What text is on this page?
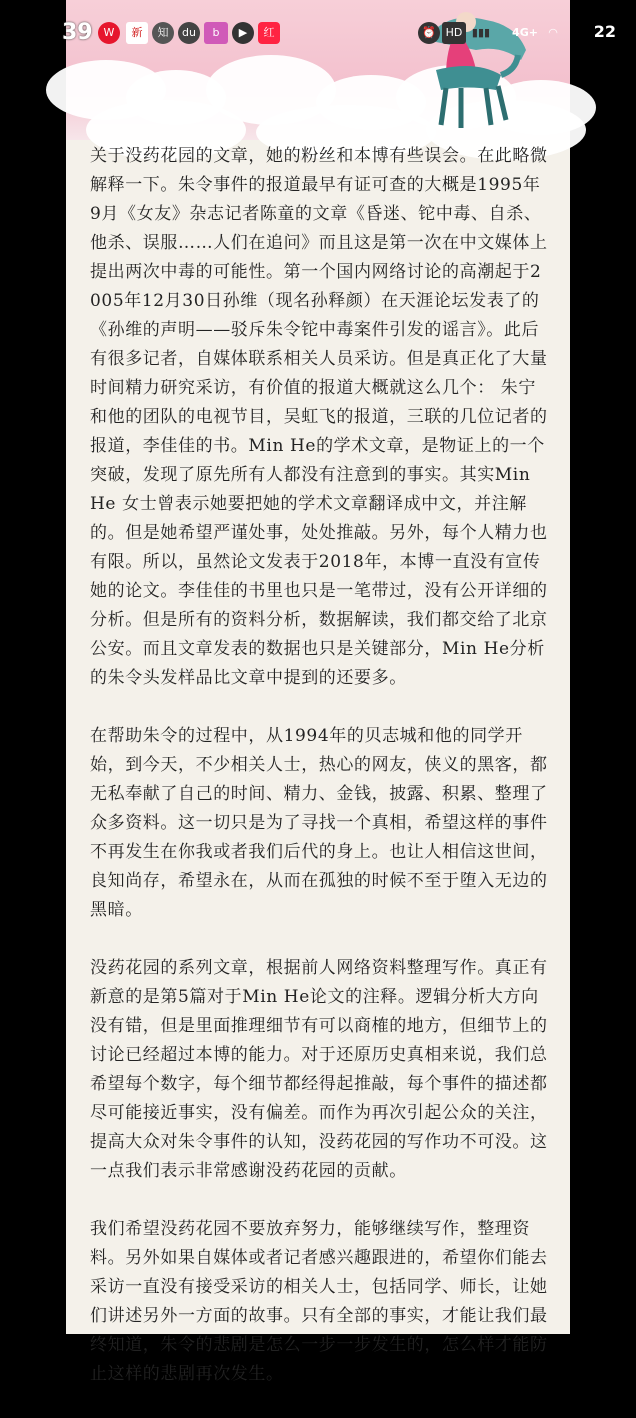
关于没药花园的文章，她的粉丝和本博有些误会。在此略微解释一下。朱令事件的报道最早有证可查的大概是1995年9月《女友》杂志记者陈童的文章《昏迷、铊中毒、自杀、他杀、误服……人们在追问》而且这是第一次在中文媒体上提出两次中毒的可能性。第一个国内网络讨论的高潮起于2005年12月30日孙维（现名孙释颜）在天涯论坛发表了的《孙维的声明——驳斥朱令铊中毒案件引发的谣言》。此后有很多记者，自媒体联系相关人员采访。但是真正化了大量时间精力研究采访，有价值的报道大概就这么几个： 朱宁和他的团队的电视节目，吴虹飞的报道，三联的几位记者的报道，李佳佳的书。Min He的学术文章，是物证上的一个突破，发现了原先所有人都没有注意到的事实。其实Min He 女士曾表示她要把她的学术文章翻译成中文，并注解的。但是她希望严谨处事，处处推敲。另外，每个人精力也有限。所以，虽然论文发表于2018年，本博一直没有宣传她的论文。李佳佳的书里也只是一笔带过，没有公开详细的分析。但是所有的资料分析，数据解读，我们都交给了北京公安。而且文章发表的数据也只是关键部分，Min He分析的朱令头发样品比文章中提到的还要多。

在帮助朱令的过程中，从1994年的贝志城和他的同学开始，到今天，不少相关人士，热心的网友，侠义的黑客，都无私奉献了自己的时间、精力、金钱，披露、积累、整理了众多资料。这一切只是为了寻找一个真相，希望这样的事件不再发生在你我或者我们后代的身上。也让人相信这世间，良知尚存，希望永在，从而在孤独的时候不至于堕入无边的黑暗。

没药花园的系列文章，根据前人网络资料整理写作。真正有新意的是第5篇对于Min He论文的注释。逻辑分析大方向没有错，但是里面推理细节有可以商榷的地方，但细节上的讨论已经超过本博的能力。对于还原历史真相来说，我们总希望每个数字，每个细节都经得起推敲，每个事件的描述都尽可能接近事实，没有偏差。而作为再次引起公众的关注，提高大众对朱令事件的认知，没药花园的写作功不可没。这一点我们表示非常感谢没药花园的贡献。

我们希望没药花园不要放弃努力，能够继续写作，整理资料。另外如果自媒体或者记者感兴趣跟进的，希望你们能去采访一直没有接受采访的相关人士，包括同学、师长，让她们讲述另外一方面的故事。只有全部的事实，才能让我们最终知道，朱令的悲剧是怎么一步一步发生的，怎么样才能防止这样的悲剧再次发生。

39 W	新	知	du	b	▶	红	⏰ HD ▮▮▮	4G+ ◠	22
